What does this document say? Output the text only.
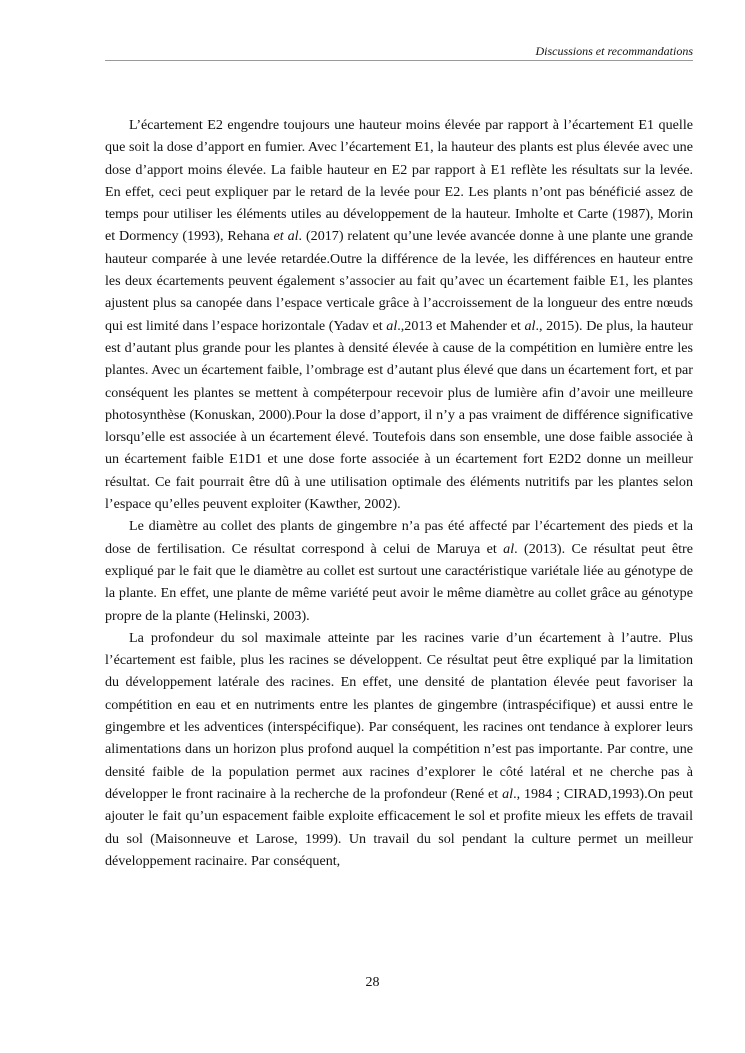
Discussions et recommandations

L’écartement E2 engendre toujours une hauteur moins élevée par rapport à l’écartement E1 quelle que soit la dose d’apport en fumier. Avec l’écartement E1, la hauteur des plants est plus élevée avec une dose d’apport moins élevée. La faible hauteur en E2 par rapport à E1 reflète les résultats sur la levée. En effet, ceci peut expliquer par le retard de la levée pour E2. Les plants n’ont pas bénéficié assez de temps pour utiliser les éléments utiles au développement de la hauteur. Imholte et Carte (1987), Morin et Dormency (1993), Rehana et al. (2017) relatent qu’une levée avancée donne à une plante une grande hauteur comparée à une levée retardée.Outre la différence de la levée, les différences en hauteur entre les deux écartements peuvent également s’associer au fait qu’avec un écartement faible E1, les plantes ajustent plus sa canopée dans l’espace verticale grâce à l’accroissement de la longueur des entre nœuds qui est limité dans l’espace horizontale (Yadav et al.,2013 et Mahender et al., 2015). De plus, la hauteur est d’autant plus grande pour les plantes à densité élevée à cause de la compétition en lumière entre les plantes. Avec un écartement faible, l’ombrage est d’autant plus élevé que dans un écartement fort, et par conséquent les plantes se mettent à compéterpour recevoir plus de lumière afin d’avoir une meilleure photosynthèse (Konuskan, 2000).Pour la dose d’apport, il n’y a pas vraiment de différence significative lorsqu’elle est associée à un écartement élevé. Toutefois dans son ensemble, une dose faible associée à un écartement faible E1D1 et une dose forte associée à un écartement fort E2D2 donne un meilleur résultat. Ce fait pourrait être dû à une utilisation optimale des éléments nutritifs par les plantes selon l’espace qu’elles peuvent exploiter (Kawther, 2002).

Le diamètre au collet des plants de gingembre n’a pas été affecté par l’écartement des pieds et la dose de fertilisation. Ce résultat correspond à celui de Maruya et al. (2013). Ce résultat peut être expliqué par le fait que le diamètre au collet est surtout une caractéristique variétale liée au génotype de la plante. En effet, une plante de même variété peut avoir le même diamètre au collet grâce au génotype propre de la plante (Helinski, 2003).

La profondeur du sol maximale atteinte par les racines varie d’un écartement à l’autre. Plus l’écartement est faible, plus les racines se développent. Ce résultat peut être expliqué par la limitation du développement latérale des racines. En effet, une densité de plantation élevée peut favoriser la compétition en eau et en nutriments entre les plantes de gingembre (intraspécifique) et aussi entre le gingembre et les adventices (interspécifique). Par conséquent, les racines ont tendance à explorer leurs alimentations dans un horizon plus profond auquel la compétition n’est pas importante. Par contre, une densité faible de la population permet aux racines d’explorer le côté latéral et ne cherche pas à développer le front racinaire à la recherche de la profondeur (René et al., 1984 ; CIRAD,1993).On peut ajouter le fait qu’un espacement faible exploite efficacement le sol et profite mieux les effets de travail du sol (Maisonneuve et Larose, 1999). Un travail du sol pendant la culture permet un meilleur développement racinaire. Par conséquent,

28
